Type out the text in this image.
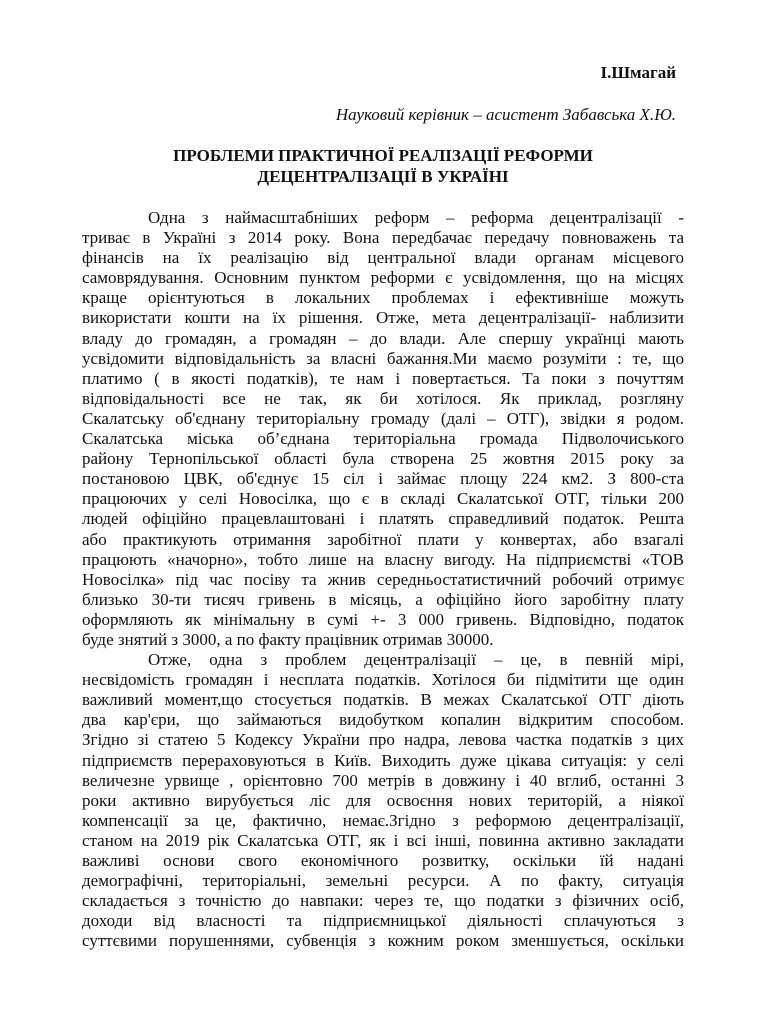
І.Шмагай
Науковий керівник – асистент Забавська Х.Ю.
ПРОБЛЕМИ ПРАКТИЧНОЇ РЕАЛІЗАЦІЇ РЕФОРМИ
ДЕЦЕНТРАЛІЗАЦІЇ В УКРАЇНІ
Одна з наймасштабніших реформ – реформа децентралізації -
триває в Україні з 2014 року. Вона передбачає передачу повноважень та
фінансів на їх реалізацію від центральної влади органам місцевого
самоврядування. Основним пунктом реформи є усвідомлення, що на місцях
краще орієнтуються в локальних проблемах і ефективніше можуть
використати кошти на їх рішення. Отже, мета децентралізації- наблизити
владу до громадян, а громадян – до влади. Але спершу українці мають
усвідомити відповідальність за власні бажання.Ми маємо розуміти : те, що
платимо ( в якості податків), те нам і повертається. Та поки з почуттям
відповідальності все не так, як би хотілося. Як приклад, розгляну
Скалатську об'єднану територіальну громаду (далі – ОТГ), звідки я родом.
Скалатська міська об’єднана територіальна громада Підволочиського
району Тернопільської області була створена 25 жовтня 2015 року за
постановою ЦВК, об'єднує 15 сіл і займає площу 224 км2. З 800-ста
працюючих у селі Новосілка, що є в складі Скалатської ОТГ, тільки 200
людей офіційно працевлаштовані і платять справедливий податок. Решта
або практикують отримання заробітної плати у конвертах, або взагалі
працюють «начорно», тобто лише на власну вигоду. На підприємстві «ТОВ
Новосілка» під час посіву та жнив середньостатистичний робочий отримує
близько 30-ти тисяч гривень в місяць, а офіційно його заробітну плату
оформляють як мінімальну в сумі +- 3 000 гривень. Відповідно, податок
буде знятий з 3000, а по факту працівник отримав 30000.
Отже, одна з проблем децентралізації – це, в певній мірі,
несвідомість громадян і несплата податків. Хотілося би підмітити ще один
важливий момент,що стосується податків. В межах Скалатської ОТГ діють
два кар'єри, що займаються видобутком копалин відкритим способом.
Згідно зі статею 5 Кодексу України про надра, левова частка податків з цих
підприємств перераховуються в Київ. Виходить дуже цікава ситуація: у селі
величезне урвище , орієнтовно 700 метрів в довжину і 40 вглиб, останні 3
роки активно вирубується ліс для освоєння нових територій, а ніякої
компенсації за це, фактично, немає.Згідно з реформою децентралізації,
станом на 2019 рік Скалатська ОТГ, як і всі інші, повинна активно закладати
важливі основи свого економічного розвитку, оскільки їй надані
демографічні, територіальні, земельні ресурси. А по факту, ситуація
складається з точністю до навпаки: через те, що податки з фізичних осіб,
доходи від власності та підприємницької діяльності сплачуються з
суттєвими порушеннями, субвенція з кожним роком зменшується, оскільки
